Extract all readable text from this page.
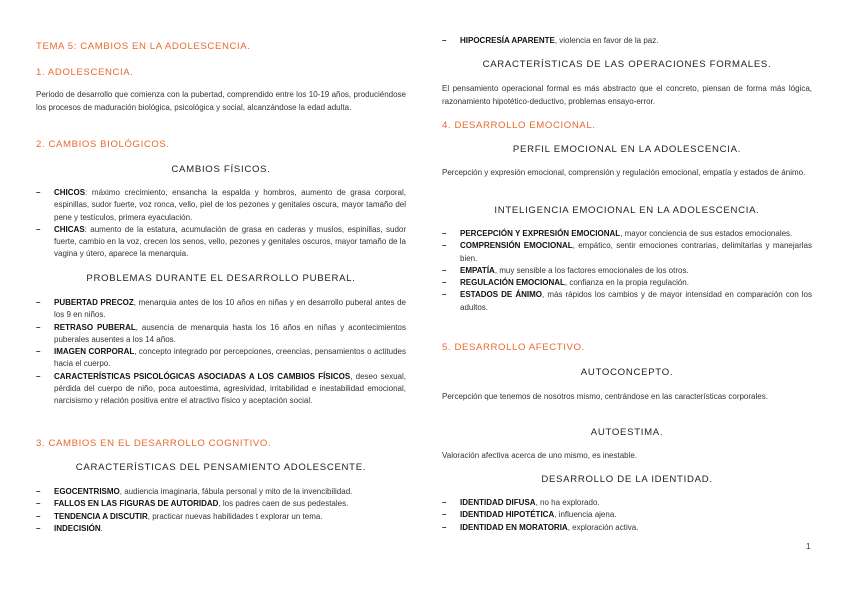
TEMA 5: CAMBIOS EN LA ADOLESCENCIA.
1. ADOLESCENCIA.

Periodo de desarrollo que comienza con la pubertad, comprendido entre los 10-19 años, produciéndose los procesos de maduración biológica, psicológica y social, alcanzándose la edad adulta.

2. CAMBIOS BIOLÓGICOS.
CAMBIOS FÍSICOS.
– CHICOS: máximo crecimiento, ensancha la espalda y hombros, aumento de grasa corporal, espinillas, sudor fuerte, voz ronca, vello, piel de los pezones y genitales oscura, mayor tamaño del pene y testículos, primera eyaculación.
– CHICAS: aumento de la estatura, acumulación de grasa en caderas y muslos, espinillas, sudor fuerte, cambio en la voz, crecen los senos, vello, pezones y genitales oscuros, mayor tamaño de la vagina y útero, aparece la menarquia.
PROBLEMAS DURANTE EL DESARROLLO PUBERAL.
– PUBERTAD PRECOZ, menarquia antes de los 10 años en niñas y en desarrollo puberal antes de los 9 en niños.
– RETRASO PUBERAL, ausencia de menarquia hasta los 16 años en niñas y acontecimientos puberales ausentes a los 14 años.
– IMAGEN CORPORAL, concepto integrado por percepciones, creencias, pensamientos o actitudes hacia el cuerpo.
– CARACTERÍSTICAS PSICOLÓGICAS ASOCIADAS A LOS CAMBIOS FÍSICOS, deseo sexual, pérdida del cuerpo de niño, poca autoestima, agresividad, irritabilidad e inestabilidad emocional, narcisismo y relación positiva entre el atractivo físico y aceptación social.
3. CAMBIOS EN EL DESARROLLO COGNITIVO.
CARACTERÍSTICAS DEL PENSAMIENTO ADOLESCENTE.
– EGOCENTRISMO, audiencia imaginaria, fábula personal y mito de la invencibilidad.
– FALLOS EN LAS FIGURAS DE AUTORIDAD, los padres caen de sus pedestales.
– TENDENCIA A DISCUTIR, practicar nuevas habilidades t explorar un tema.
– INDECISIÓN.
– HIPOCRESÍA APARENTE, violencia en favor de la paz.
CARACTERÍSTICAS DE LAS OPERACIONES FORMALES.

El pensamiento operacional formal es más abstracto que el concreto, piensan de forma más lógica, razonamiento hipotético-deductivo, problemas ensayo-error.

4. DESARROLLO EMOCIONAL.
PERFIL EMOCIONAL EN LA ADOLESCENCIA.

Percepción y expresión emocional, comprensión y regulación emocional, empatía y estados de ánimo.

INTELIGENCIA EMOCIONAL EN LA ADOLESCENCIA.
– PERCEPCIÓN Y EXPRESIÓN EMOCIONAL, mayor conciencia de sus estados emocionales.
– COMPRENSIÓN EMOCIONAL, empático, sentir emociones contrarias, delimitarlas y manejarlas bien.
– EMPATÍA, muy sensible a los factores emocionales de los otros.
– REGULACIÓN EMOCIONAL, confianza en la propia regulación.
– ESTADOS DE ÁNIMO, más rápidos los cambios y de mayor intensidad en comparación con los adultos.
5. DESARROLLO AFECTIVO.
AUTOCONCEPTO.

Percepción que tenemos de nosotros mismo, centrándose en las características corporales.

AUTOESTIMA.

Valoración afectiva acerca de uno mismo, es inestable.

DESARROLLO DE LA IDENTIDAD.
– IDENTIDAD DIFUSA, no ha explorado.
– IDENTIDAD HIPOTÉTICA, influencia ajena.
– IDENTIDAD EN MORATORIA, exploración activa.
1
